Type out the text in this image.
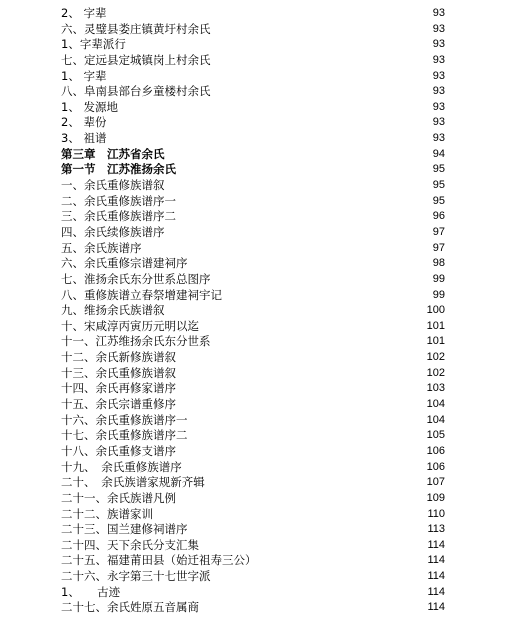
2、 字辈	93
六、灵璧县娄庄镇黄圩村余氏	93
1、字辈派行	93
七、定远县定城镇岗上村余氏	93
1、 字辈	93
八、阜南县部台乡童楼村余氏	93
1、 发源地	93
2、 辈份	93
3、 祖谱	93
第三章　江苏省余氏	94
第一节　江苏淮扬余氏	95
一、余氏重修族谱叙	95
二、余氏重修族谱序一	95
三、余氏重修族谱序二	96
四、余氏续修族谱序	97
五、余氏族谱序	97
六、余氏重修宗谱建祠序	98
七、淮扬余氏东分世系总图序	99
八、重修族谱立春祭增建祠宇记	99
九、维扬余氏族谱叙	100
十、宋咸淳丙寅历元明以迄	101
十一、江苏维扬余氏东分世系	101
十二、余氏新修族谱叙	102
十三、余氏重修族谱叙	102
十四、余氏再修家谱序	103
十五、余氏宗谱重修序	104
十六、余氏重修族谱序一	104
十七、余氏重修族谱序二	105
十八、余氏重修支谱序	106
十九、　余氏重修族谱序	106
二十、　余氏族谱家规新齐辑	107
二十一、余氏族谱凡例	109
二十二、族谱家训	110
二十三、国兰建修祠谱序	113
二十四、天下余氏分支汇集	114
二十五、福建莆田县（始迁祖寿三公）	114
二十六、永字第三十七世字派	114
1、　　古迹	114
二十七、余氏姓原五音属商	114
